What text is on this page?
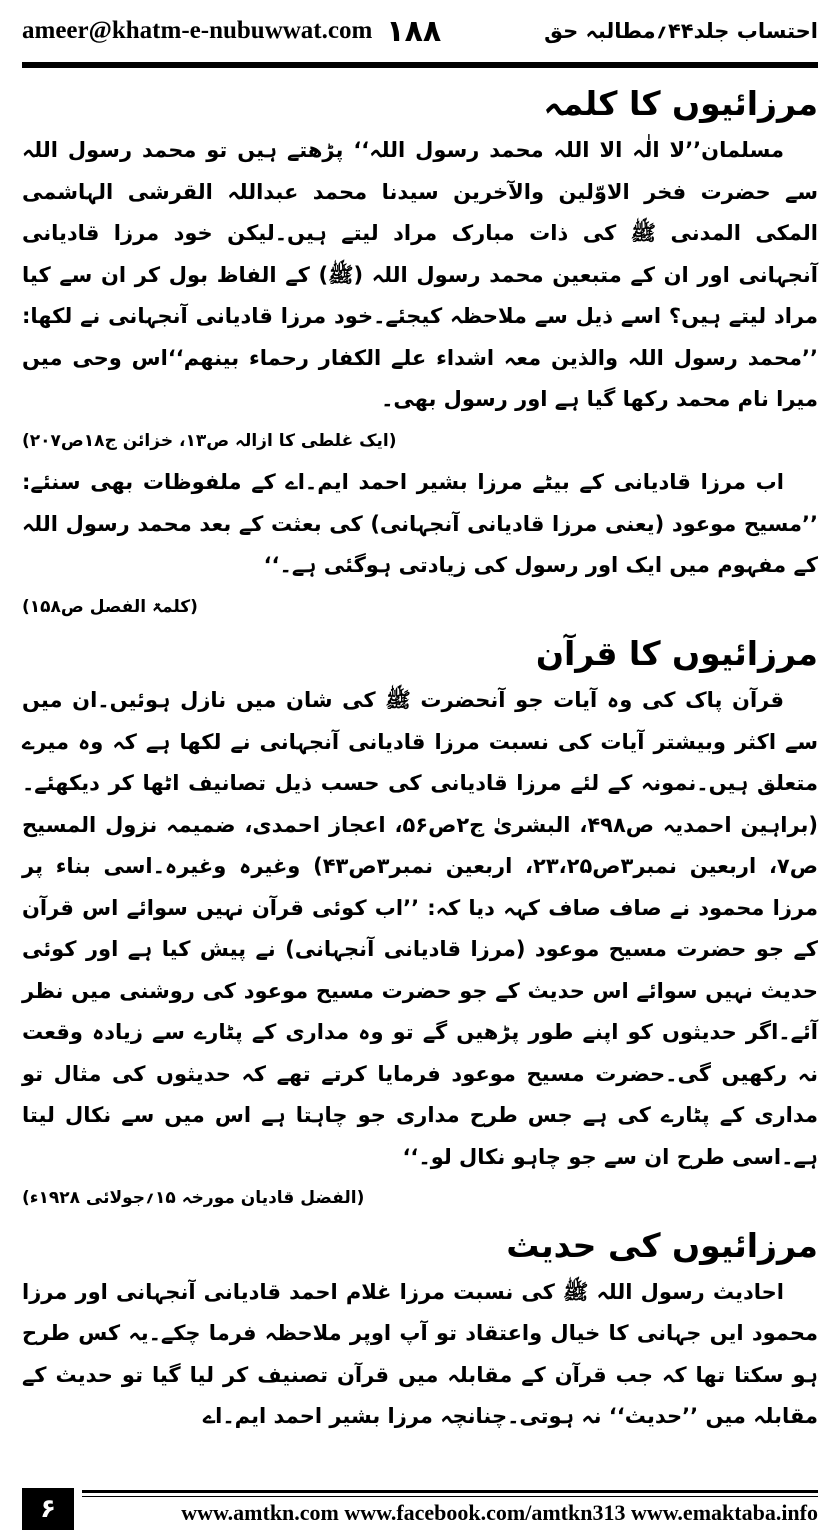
ameer@khatm-e-nubuwwat.com ۱۸۸	احتساب جلد۴۴؍مطالبہ حق
مرزائیوں کا کلمہ

مسلمان’’لا الٰہ الا اللہ محمد رسول اللہ‘‘ پڑھتے ہیں تو محمد رسول اللہ سے حضرت فخر الاوّلین والآخرین سیدنا محمد عبداللہ القرشی الہاشمی المکی المدنی ﷺ کی ذات مبارک مراد لیتے ہیں۔لیکن خود مرزا قادیانی آنجہانی اور ان کے متبعین محمد رسول اللہ (ﷺ) کے الفاظ بول کر ان سے کیا مراد لیتے ہیں؟ اسے ذیل سے ملاحظہ کیجئے۔خود مرزا قادیانی آنجہانی نے لکھا: ’’محمد رسول اللہ والذین معہ اشداء علے الکفار رحماء بینھم‘‘اس وحی میں میرا نام محمد رکھا گیا ہے اور رسول بھی۔

(ایک غلطی کا ازالہ ص۱۳، خزائن ج۱۸ص۲۰۷)

اب مرزا قادیانی کے بیٹے مرزا بشیر احمد ایم۔اے کے ملفوظات بھی سنئے: ’’مسیح موعود (یعنی مرزا قادیانی آنجہانی) کی بعثت کے بعد محمد رسول اللہ کے مفہوم میں ایک اور رسول کی زیادتی ہوگئی ہے۔‘‘

(کلمۃ الفصل ص۱۵۸)

مرزائیوں کا قرآن

قرآن پاک کی وہ آیات جو آنحضرت ﷺ کی شان میں نازل ہوئیں۔ان میں سے اکثر وبیشتر آیات کی نسبت مرزا قادیانی آنجہانی نے لکھا ہے کہ وہ میرے متعلق ہیں۔نمونہ کے لئے مرزا قادیانی کی حسب ذیل تصانیف اٹھا کر دیکھئے۔(براہین احمدیہ ص۴۹۸، البشریٰ ج۲ص۵۶، اعجاز احمدی، ضمیمہ نزول المسیح ص۷، اربعین نمبر۳ص۲۳،۲۵، اربعین نمبر۳ص۴۳) وغیرہ وغیرہ۔اسی بناء پر مرزا محمود نے صاف صاف کہہ دیا کہ: ’’اب کوئی قرآن نہیں سوائے اس قرآن کے جو حضرت مسیح موعود (مرزا قادیانی آنجہانی) نے پیش کیا ہے اور کوئی حدیث نہیں سوائے اس حدیث کے جو حضرت مسیح موعود کی روشنی میں نظر آئے۔اگر حدیثوں کو اپنے طور پڑھیں گے تو وہ مداری کے پٹارے سے زیادہ وقعت نہ رکھیں گی۔حضرت مسیح موعود فرمایا کرتے تھے کہ حدیثوں کی مثال تو مداری کے پٹارے کی ہے جس طرح مداری جو چاہتا ہے اس میں سے نکال لیتا ہے۔اسی طرح ان سے جو چاہو نکال لو۔‘‘

(الفضل قادیان مورخہ ۱۵؍جولائی ۱۹۲۸ء)

مرزائیوں کی حدیث

احادیث رسول اللہ ﷺ کی نسبت مرزا غلام احمد قادیانی آنجہانی اور مرزا محمود ایں جہانی کا خیال واعتقاد تو آپ اوپر ملاحظہ فرما چکے۔یہ کس طرح ہو سکتا تھا کہ جب قرآن کے مقابلہ میں قرآن تصنیف کر لیا گیا تو حدیث کے مقابلہ میں ’’حدیث‘‘ نہ ہوتی۔چنانچہ مرزا بشیر احمد ایم۔اے

۶	www.amtkn.com www.facebook.com/amtkn313 www.emaktaba.info
